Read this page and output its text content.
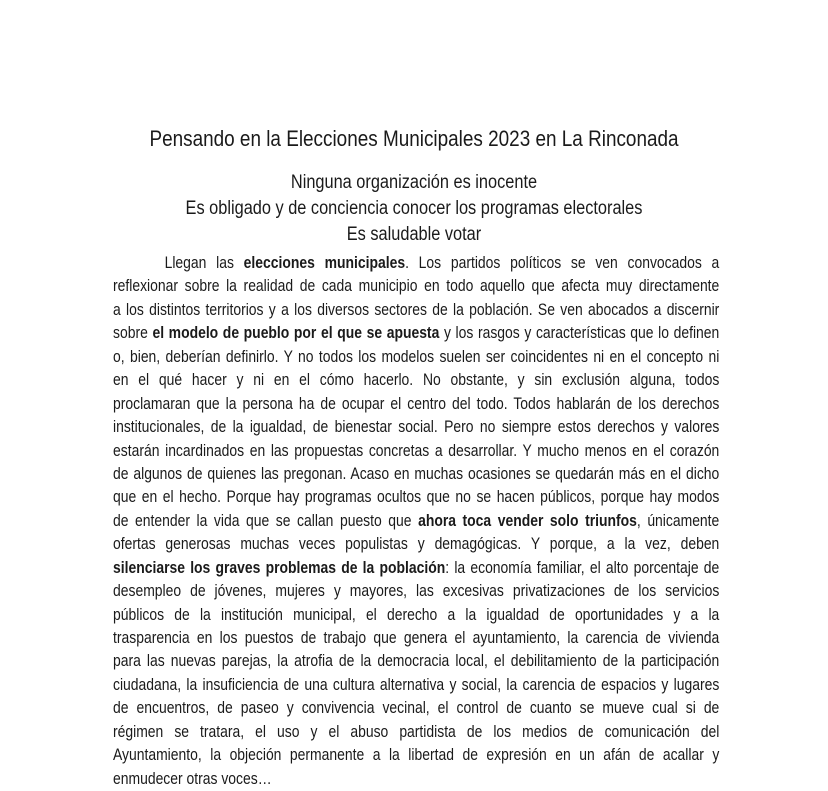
Pensando en la Elecciones Municipales 2023 en La Rinconada
Ninguna organización es inocente
Es obligado y de conciencia conocer los programas electorales
Es saludable votar
Llegan las elecciones municipales. Los partidos políticos se ven convocados a
reflexionar sobre la realidad de cada municipio en todo aquello que afecta muy directamente
a los distintos territorios y a los diversos sectores de la población. Se ven abocados a discernir
sobre el modelo de pueblo por el que se apuesta y los rasgos y características que lo definen
o, bien, deberían definirlo. Y no todos los modelos suelen ser coincidentes ni en el concepto ni
en el qué hacer y ni en el cómo hacerlo. No obstante, y sin exclusión alguna, todos
proclamaran que la persona ha de ocupar el centro del todo. Todos hablarán de los derechos
institucionales, de la igualdad, de bienestar social. Pero no siempre estos derechos y valores
estarán incardinados en las propuestas concretas a desarrollar. Y mucho menos en el corazón
de algunos de quienes las pregonan. Acaso en muchas ocasiones se quedarán más en el dicho
que en el hecho. Porque hay programas ocultos que no se hacen públicos, porque hay modos
de entender la vida que se callan puesto que ahora toca vender solo triunfos, únicamente
ofertas generosas muchas veces populistas y demagógicas. Y porque, a la vez, deben
silenciarse los graves problemas de la población: la economía familiar, el alto porcentaje de
desempleo de jóvenes, mujeres y mayores, las excesivas privatizaciones de los servicios
públicos de la institución municipal, el derecho a la igualdad de oportunidades y a la
trasparencia en los puestos de trabajo que genera el ayuntamiento, la carencia de vivienda
para las nuevas parejas, la atrofia de la democracia local, el debilitamiento de la participación
ciudadana, la insuficiencia de una cultura alternativa y social, la carencia de espacios y lugares
de encuentros, de paseo y convivencia vecinal, el control de cuanto se mueve cual si de
régimen se tratara, el uso y el abuso partidista de los medios de comunicación del
Ayuntamiento, la objeción permanente a la libertad de expresión en un afán de acallar y
enmudecer otras voces…
